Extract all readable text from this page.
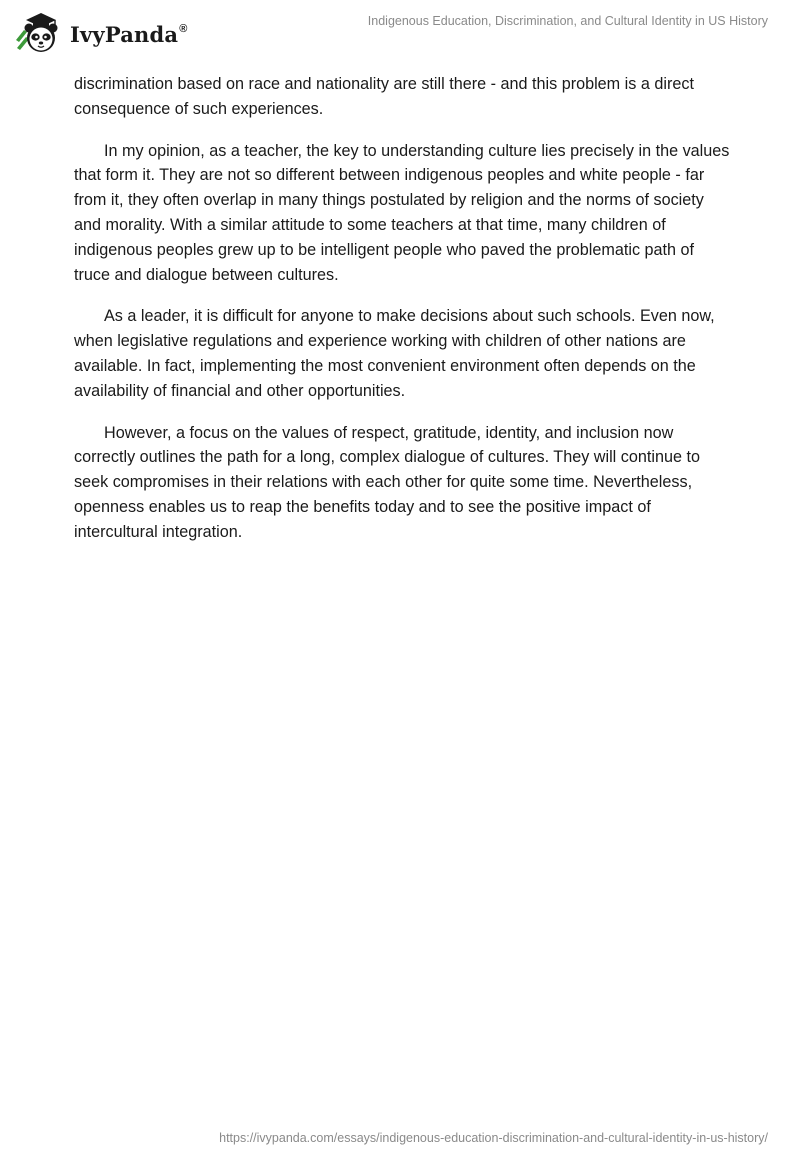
IvyPanda®
Indigenous Education, Discrimination, and Cultural Identity in US History

discrimination based on race and nationality are still there - and this problem is a direct consequence of such experiences.

In my opinion, as a teacher, the key to understanding culture lies precisely in the values that form it. They are not so different between indigenous peoples and white people - far from it, they often overlap in many things postulated by religion and the norms of society and morality. With a similar attitude to some teachers at that time, many children of indigenous peoples grew up to be intelligent people who paved the problematic path of truce and dialogue between cultures.

As a leader, it is difficult for anyone to make decisions about such schools. Even now, when legislative regulations and experience working with children of other nations are available. In fact, implementing the most convenient environment often depends on the availability of financial and other opportunities.

However, a focus on the values of respect, gratitude, identity, and inclusion now correctly outlines the path for a long, complex dialogue of cultures. They will continue to seek compromises in their relations with each other for quite some time. Nevertheless, openness enables us to reap the benefits today and to see the positive impact of intercultural integration.

https://ivypanda.com/essays/indigenous-education-discrimination-and-cultural-identity-in-us-history/
